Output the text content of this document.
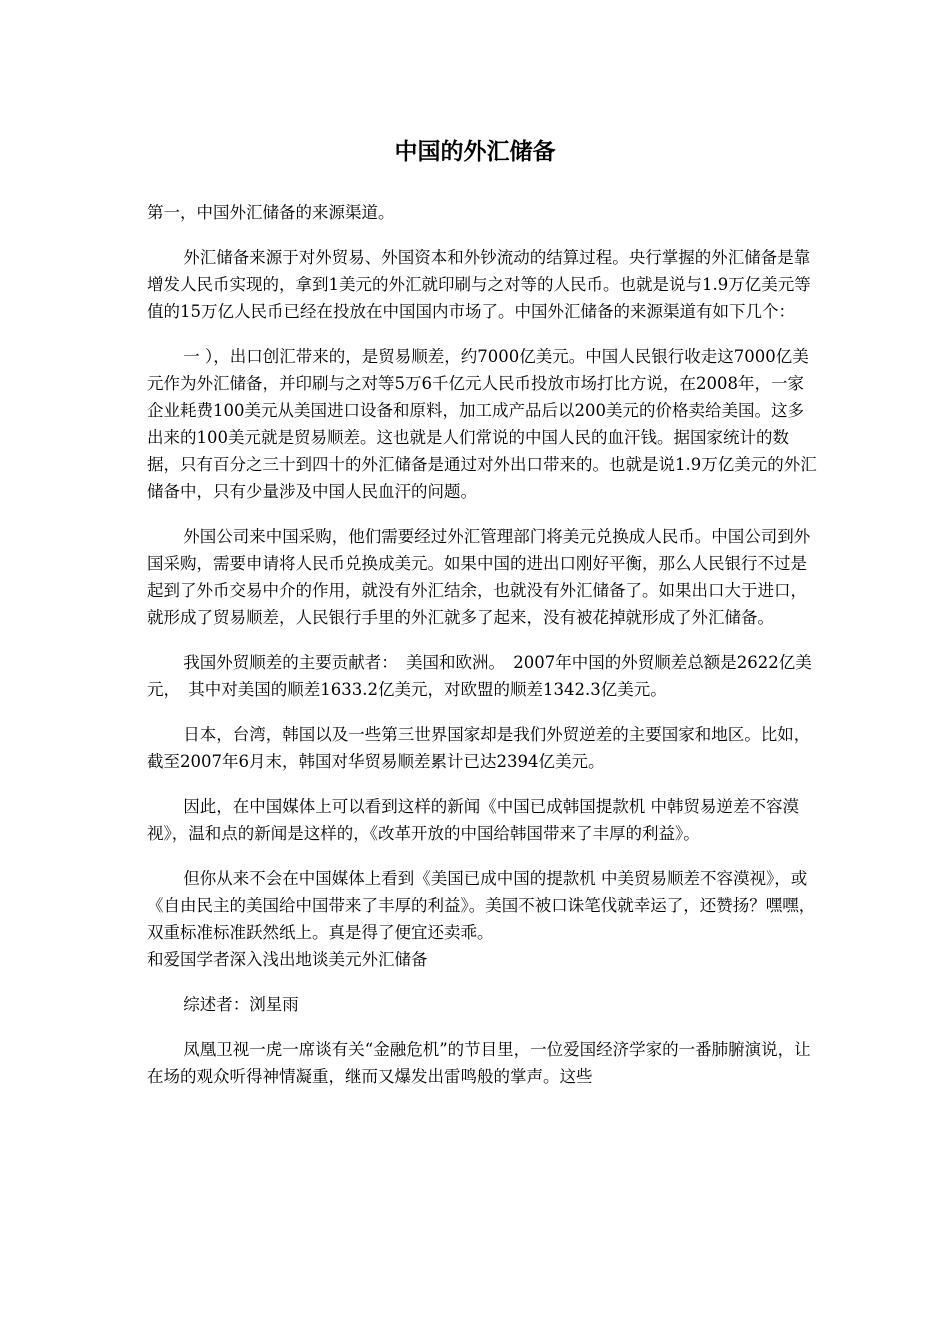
中国的外汇储备

第一，中国外汇储备的来源渠道。

外汇储备来源于对外贸易、外国资本和外钞流动的结算过程。央行掌握的外汇储备是靠增发人民币实现的，拿到1美元的外汇就印刷与之对等的人民币。也就是说与1.9万亿美元等值的15万亿人民币已经在投放在中国国内市场了。中国外汇储备的来源渠道有如下几个：

一 ），出口创汇带来的，是贸易顺差，约7000亿美元。中国人民银行收走这7000亿美元作为外汇储备，并印刷与之对等5万6千亿元人民币投放市场打比方说，在2008年，一家企业耗费100美元从美国进口设备和原料，加工成产品后以200美元的价格卖给美国。这多出来的100美元就是贸易顺差。这也就是人们常说的中国人民的血汗钱。据国家统计的数据，只有百分之三十到四十的外汇储备是通过对外出口带来的。也就是说1.9万亿美元的外汇储备中，只有少量涉及中国人民血汗的问题。

外国公司来中国采购，他们需要经过外汇管理部门将美元兑换成人民币。中国公司到外国采购，需要申请将人民币兑换成美元。如果中国的进出口刚好平衡，那么人民银行不过是起到了外币交易中介的作用，就没有外汇结余，也就没有外汇储备了。如果出口大于进口，就形成了贸易顺差，人民银行手里的外汇就多了起来，没有被花掉就形成了外汇储备。

我国外贸顺差的主要贡献者：　美国和欧洲。　2007年中国的外贸顺差总额是2622亿美元，　其中对美国的顺差1633.2亿美元，对欧盟的顺差1342.3亿美元。

日本，台湾，韩国以及一些第三世界国家却是我们外贸逆差的主要国家和地区。比如，截至2007年6月末，韩国对华贸易顺差累计已达2394亿美元。

因此，在中国媒体上可以看到这样的新闻《中国已成韩国提款机 中韩贸易逆差不容漠视》，温和点的新闻是这样的，《改革开放的中国给韩国带来了丰厚的利益》。

但你从来不会在中国媒体上看到《美国已成中国的提款机 中美贸易顺差不容漠视》，或《自由民主的美国给中国带来了丰厚的利益》。美国不被口诛笔伐就幸运了，还赞扬？嘿嘿，双重标准标准跃然纸上。真是得了便宜还卖乖。

和爱国学者深入浅出地谈美元外汇储备

综述者：浏星雨

凤凰卫视一虎一席谈有关“金融危机”的节目里，一位爱国经济学家的一番肺腑演说，让在场的观众听得神情凝重，继而又爆发出雷鸣般的掌声。这些
